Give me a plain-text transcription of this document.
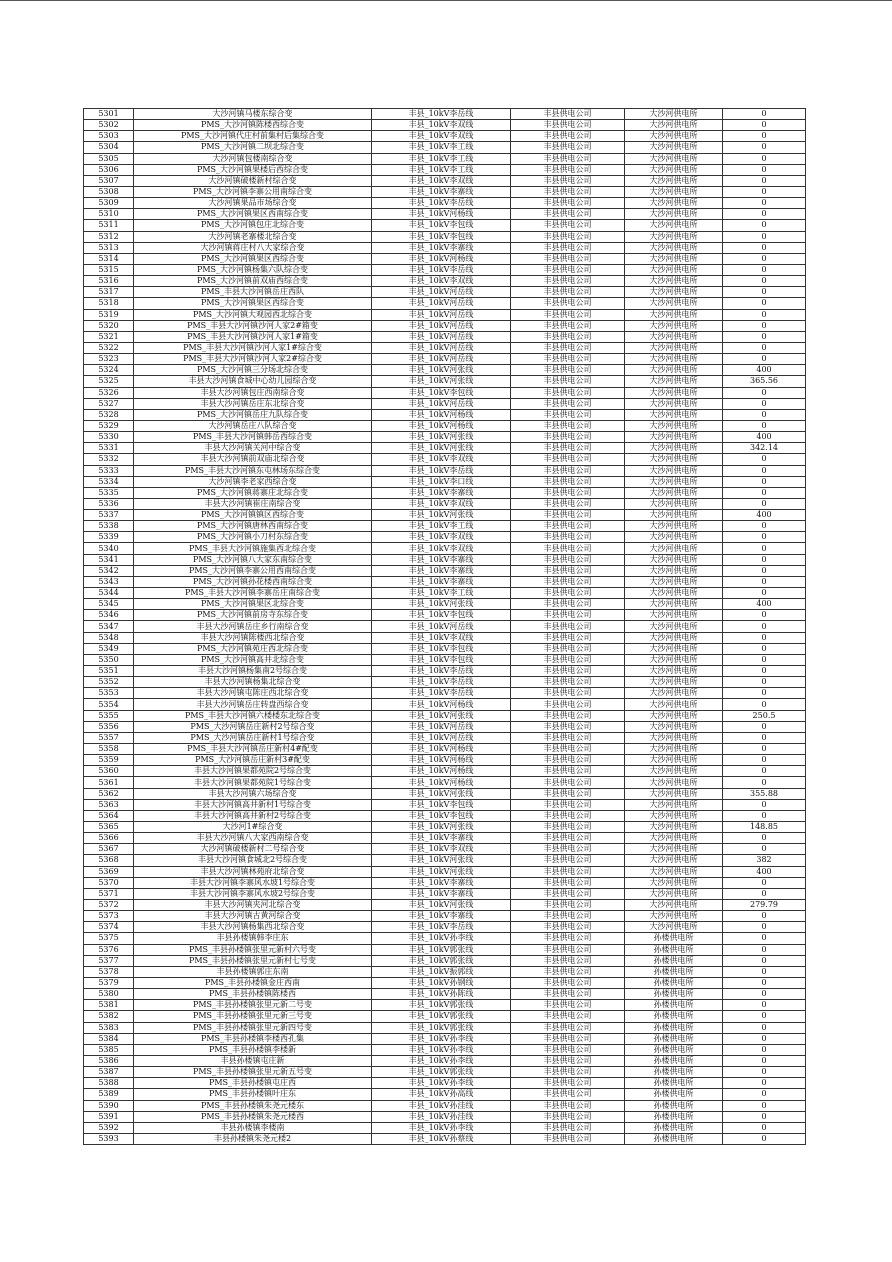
5301	大沙河镇马楼东综合变	丰县_10kV李岳线	丰县供电公司	大沙河供电所	0
5302	PMS_大沙河镇陈楼西综合变	丰县_10kV李双线	丰县供电公司	大沙河供电所	0
5303	PMS_大沙河镇代庄村前集村后集综合变	丰县_10kV李双线	丰县供电公司	大沙河供电所	0
5304	PMS_大沙河镇二坝北综合变	丰县_10kV李工线	丰县供电公司	大沙河供电所	0
5305	大沙河镇包楼南综合变	丰县_10kV李工线	丰县供电公司	大沙河供电所	0
5306	PMS_大沙河镇果楼后西综合变	丰县_10kV李工线	丰县供电公司	大沙河供电所	0
5307	大沙河镇破楼新村综合变	丰县_10kV李双线	丰县供电公司	大沙河供电所	0
5308	PMS_大沙河镇李寨公用南综合变	丰县_10kV李寨线	丰县供电公司	大沙河供电所	0
5309	大沙河镇果品市场综合变	丰县_10kV李岳线	丰县供电公司	大沙河供电所	0
5310	PMS_大沙河镇果区西南综合变	丰县_10kV河杨线	丰县供电公司	大沙河供电所	0
5311	PMS_大沙河镇包庄北综合变	丰县_10kV李包线	丰县供电公司	大沙河供电所	0
5312	大沙河镇老寨楼北综合变	丰县_10kV李包线	丰县供电公司	大沙河供电所	0
5313	大沙河镇蒋庄村八大家综合变	丰县_10kV李寨线	丰县供电公司	大沙河供电所	0
5314	PMS_大沙河镇果区西综合变	丰县_10kV河杨线	丰县供电公司	大沙河供电所	0
5315	PMS_大沙河镇杨集六队综合变	丰县_10kV李岳线	丰县供电公司	大沙河供电所	0
5316	PMS_大沙河镇前双庙西综合变	丰县_10kV李双线	丰县供电公司	大沙河供电所	0
5317	PMS_丰县大沙河镇岳庄西队	丰县_10kV河岳线	丰县供电公司	大沙河供电所	0
5318	PMS_大沙河镇果区西综合变	丰县_10kV河岳线	丰县供电公司	大沙河供电所	0
5319	PMS_大沙河镇大观园西北综合变	丰县_10kV河岳线	丰县供电公司	大沙河供电所	0
5320	PMS_丰县大沙河镇沙河人家2#箱变	丰县_10kV河岳线	丰县供电公司	大沙河供电所	0
5321	PMS_丰县大沙河镇沙河人家1#箱变	丰县_10kV河岳线	丰县供电公司	大沙河供电所	0
5322	PMS_丰县大沙河镇沙河人家1#综合变	丰县_10kV河岳线	丰县供电公司	大沙河供电所	0
5323	PMS_丰县大沙河镇沙河人家2#综合变	丰县_10kV河岳线	丰县供电公司	大沙河供电所	0
5324	PMS_大沙河镇三分场北综合变	丰县_10kV河张线	丰县供电公司	大沙河供电所	400
5325	丰县大沙河镇食城中心幼儿园综合变	丰县_10kV河张线	丰县供电公司	大沙河供电所	365.56
5326	丰县大沙河镇包庄西南综合变	丰县_10kV李包线	丰县供电公司	大沙河供电所	0
5327	丰县大沙河镇岳庄东北综合变	丰县_10kV河岳线	丰县供电公司	大沙河供电所	0
5328	PMS_大沙河镇岳庄九队综合变	丰县_10kV河杨线	丰县供电公司	大沙河供电所	0
5329	大沙河镇岳庄八队综合变	丰县_10kV河杨线	丰县供电公司	大沙河供电所	0
5330	PMS_丰县大沙河镇韩岳西综合变	丰县_10kV河张线	丰县供电公司	大沙河供电所	400
5331	丰县大沙河镇关河中综合变	丰县_10kV河张线	丰县供电公司	大沙河供电所	342.14
5332	丰县大沙河镇前双庙北综合变	丰县_10kV李双线	丰县供电公司	大沙河供电所	0
5333	PMS_丰县大沙河镇东屯林场东综合变	丰县_10kV李岳线	丰县供电公司	大沙河供电所	0
5334	大沙河镇李老家西综合变	丰县_10kV李口线	丰县供电公司	大沙河供电所	0
5335	PMS_大沙河镇蒋寨庄北综合变	丰县_10kV李寨线	丰县供电公司	大沙河供电所	0
5336	丰县大沙河镇崔庄南综合变	丰县_10kV李双线	丰县供电公司	大沙河供电所	0
5337	PMS_大沙河镇镇区西综合变	丰县_10kV河张线	丰县供电公司	大沙河供电所	400
5338	PMS_大沙河镇唐林西南综合变	丰县_10kV李工线	丰县供电公司	大沙河供电所	0
5339	PMS_大沙河镇小刀村东综合变	丰县_10kV李双线	丰县供电公司	大沙河供电所	0
5340	PMS_丰县大沙河镇施集西北综合变	丰县_10kV李双线	丰县供电公司	大沙河供电所	0
5341	PMS_大沙河镇八大家东南综合变	丰县_10kV李寨线	丰县供电公司	大沙河供电所	0
5342	PMS_大沙河镇李寨公用西南综合变	丰县_10kV李寨线	丰县供电公司	大沙河供电所	0
5343	PMS_大沙河镇孙花楼西南综合变	丰县_10kV李寨线	丰县供电公司	大沙河供电所	0
5344	PMS_丰县大沙河镇李寨岳庄南综合变	丰县_10kV李工线	丰县供电公司	大沙河供电所	0
5345	PMS_大沙河镇果区北综合变	丰县_10kV河张线	丰县供电公司	大沙河供电所	400
5346	PMS_大沙河镇前房寺东综合变	丰县_10kV李包线	丰县供电公司	大沙河供电所	0
5347	丰县大沙河镇岳庄乡行南综合变	丰县_10kV河岳线	丰县供电公司	大沙河供电所	0
5348	丰县大沙河镇陈楼西北综合变	丰县_10kV李双线	丰县供电公司	大沙河供电所	0
5349	PMS_大沙河镇苑庄西北综合变	丰县_10kV李包线	丰县供电公司	大沙河供电所	0
5350	PMS_大沙河镇高井北综合变	丰县_10kV李包线	丰县供电公司	大沙河供电所	0
5351	丰县大沙河镇杨集南2号综合变	丰县_10kV李岳线	丰县供电公司	大沙河供电所	0
5352	丰县大沙河镇杨集北综合变	丰县_10kV李岳线	丰县供电公司	大沙河供电所	0
5353	丰县大沙河镇屯陈庄西北综合变	丰县_10kV李岳线	丰县供电公司	大沙河供电所	0
5354	丰县大沙河镇岳庄转盘西综合变	丰县_10kV河杨线	丰县供电公司	大沙河供电所	0
5355	PMS_丰县大沙河镇六楼楼东北综合变	丰县_10kV河张线	丰县供电公司	大沙河供电所	250.5
5356	PMS_大沙河镇岳庄新村2号综合变	丰县_10kV河岳线	丰县供电公司	大沙河供电所	0
5357	PMS_大沙河镇岳庄新村1号综合变	丰县_10kV河岳线	丰县供电公司	大沙河供电所	0
5358	PMS_丰县大沙河镇岳庄新村4#配变	丰县_10kV河杨线	丰县供电公司	大沙河供电所	0
5359	PMS_大沙河镇岳庄新村3#配变	丰县_10kV河杨线	丰县供电公司	大沙河供电所	0
5360	丰县大沙河镇果都苑院2号综合变	丰县_10kV河杨线	丰县供电公司	大沙河供电所	0
5361	丰县大沙河镇果都苑院1号综合变	丰县_10kV河杨线	丰县供电公司	大沙河供电所	0
5362	丰县大沙河镇六场综合变	丰县_10kV河张线	丰县供电公司	大沙河供电所	355.88
5363	丰县大沙河镇高井新村1号综合变	丰县_10kV李包线	丰县供电公司	大沙河供电所	0
5364	丰县大沙河镇高井新村2号综合变	丰县_10kV李包线	丰县供电公司	大沙河供电所	0
5365	大沙河1#综合变	丰县_10kV河张线	丰县供电公司	大沙河供电所	148.85
5366	丰县大沙河镇八大家西南综合变	丰县_10kV李寨线	丰县供电公司	大沙河供电所	0
5367	大沙河镇破楼新村二号综合变	丰县_10kV李双线	丰县供电公司	大沙河供电所	0
5368	丰县大沙河镇食城北2号综合变	丰县_10kV河张线	丰县供电公司	大沙河供电所	382
5369	丰县大沙河镇林苑府北综合变	丰县_10kV河张线	丰县供电公司	大沙河供电所	400
5370	丰县大沙河镇李寨风水坡1号综合变	丰县_10kV李寨线	丰县供电公司	大沙河供电所	0
5371	丰县大沙河镇李寨风水坡2号综合变	丰县_10kV李寨线	丰县供电公司	大沙河供电所	0
5372	丰县大沙河镇夹河北综合变	丰县_10kV河张线	丰县供电公司	大沙河供电所	279.79
5373	丰县大沙河镇古黄河综合变	丰县_10kV李寨线	丰县供电公司	大沙河供电所	0
5374	丰县大沙河镇杨集西北综合变	丰县_10kV李岳线	丰县供电公司	大沙河供电所	0
5375	丰县孙楼镇韩李庄东	丰县_10kV孙李线	丰县供电公司	孙楼供电所	0
5376	PMS_丰县孙楼镇张里元新村六号变	丰县_10kV郭张线	丰县供电公司	孙楼供电所	0
5377	PMS_丰县孙楼镇张里元新村七号变	丰县_10kV郭张线	丰县供电公司	孙楼供电所	0
5378	丰县孙楼镇郭庄东南	丰县_10kV振郭线	丰县供电公司	孙楼供电所	0
5379	PMS_丰县孙楼镇金庄西南	丰县_10kV孙钢线	丰县供电公司	孙楼供电所	0
5380	PMS_丰县孙楼镇陈楼西	丰县_10kV孙陈线	丰县供电公司	孙楼供电所	0
5381	PMS_丰县孙楼镇张里元新二号变	丰县_10kV郭张线	丰县供电公司	孙楼供电所	0
5382	PMS_丰县孙楼镇张里元新三号变	丰县_10kV郭张线	丰县供电公司	孙楼供电所	0
5383	PMS_丰县孙楼镇张里元新四号变	丰县_10kV郭张线	丰县供电公司	孙楼供电所	0
5384	PMS_丰县孙楼镇李楼西孔集	丰县_10kV孙李线	丰县供电公司	孙楼供电所	0
5385	PMS_丰县孙楼镇李楼新	丰县_10kV孙李线	丰县供电公司	孙楼供电所	0
5386	丰县孙楼镇屯庄新	丰县_10kV孙李线	丰县供电公司	孙楼供电所	0
5387	PMS_丰县孙楼镇张里元新五号变	丰县_10kV郭张线	丰县供电公司	孙楼供电所	0
5388	PMS_丰县孙楼镇屯庄西	丰县_10kV孙李线	丰县供电公司	孙楼供电所	0
5389	PMS_丰县孙楼镇叶庄东	丰县_10kV孙高线	丰县供电公司	孙楼供电所	0
5390	PMS_丰县孙楼镇朱尧元楼东	丰县_10kV孙洼线	丰县供电公司	孙楼供电所	0
5391	PMS_丰县孙楼镇朱尧元楼西	丰县_10kV孙洼线	丰县供电公司	孙楼供电所	0
5392	丰县孙楼镇李楼南	丰县_10kV孙李线	丰县供电公司	孙楼供电所	0
5393	丰县孙楼镇朱尧元楼2	丰县_10kV孙蔡线	丰县供电公司	孙楼供电所	0
